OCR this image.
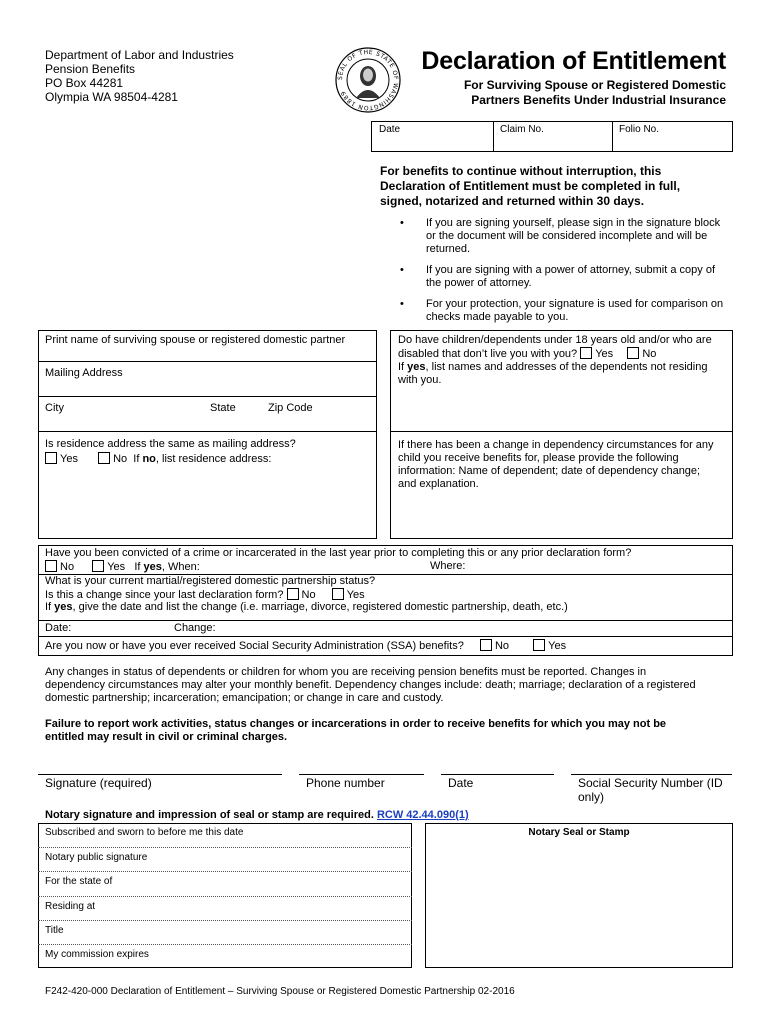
Department of Labor and Industries
Pension Benefits
PO Box 44281
Olympia WA 98504-4281
SEAL OF THE STATE OF WASHINGTON 1889
Declaration of Entitlement
For Surviving Spouse or Registered Domestic
Partners Benefits Under Industrial Insurance
Date	Claim No.	Folio No.
For benefits to continue without interruption, this
Declaration of Entitlement must be completed in full,
signed, notarized and returned within 30 days.
• If you are signing yourself, please sign in the signature block or the document will be considered incomplete and will be returned.
• If you are signing with a power of attorney, submit a copy of the power of attorney.
• For your protection, your signature is used for comparison on checks made payable to you.
Print name of surviving spouse or registered domestic partner
Mailing Address
City	State	Zip Code
Is residence address the same as mailing address?
Yes	No If no, list residence address:
Do have children/dependents under 18 years old and/or who are
disabled that don’t live you with you? Yes	No
If yes, list names and addresses of the dependents not residing
with you.
If there has been a change in dependency circumstances for any
child you receive benefits for, please provide the following
information: Name of dependent; date of dependency change;
and explanation.
Have you been convicted of a crime or incarcerated in the last year prior to completing this or any prior declaration form?
No	Yes If yes, When:	Where:
What is your current martial/registered domestic partnership status?
Is this a change since your last declaration form? No	Yes
If yes, give the date and list the change (i.e. marriage, divorce, registered domestic partnership, death, etc.)
Date:	Change:
Are you now or have you ever received Social Security Administration (SSA) benefits?	No	Yes
Any changes in status of dependents or children for whom you are receiving pension benefits must be reported. Changes in
dependency circumstances may alter your monthly benefit. Dependency changes include: death; marriage; declaration of a registered
domestic partnership; incarceration; emancipation; or change in care and custody.
Failure to report work activities, status changes or incarcerations in order to receive benefits for which you may not be
entitled may result in civil or criminal charges.
Signature (required)	Phone number	Date	Social Security Number (ID
only)
Notary signature and impression of seal or stamp are required. RCW 42.44.090(1)
Subscribed and sworn to before me this date
Notary public signature
For the state of
Residing at
Title
My commission expires
Notary Seal or Stamp
F242-420-000 Declaration of Entitlement – Surviving Spouse or Registered Domestic Partnership 02-2016
